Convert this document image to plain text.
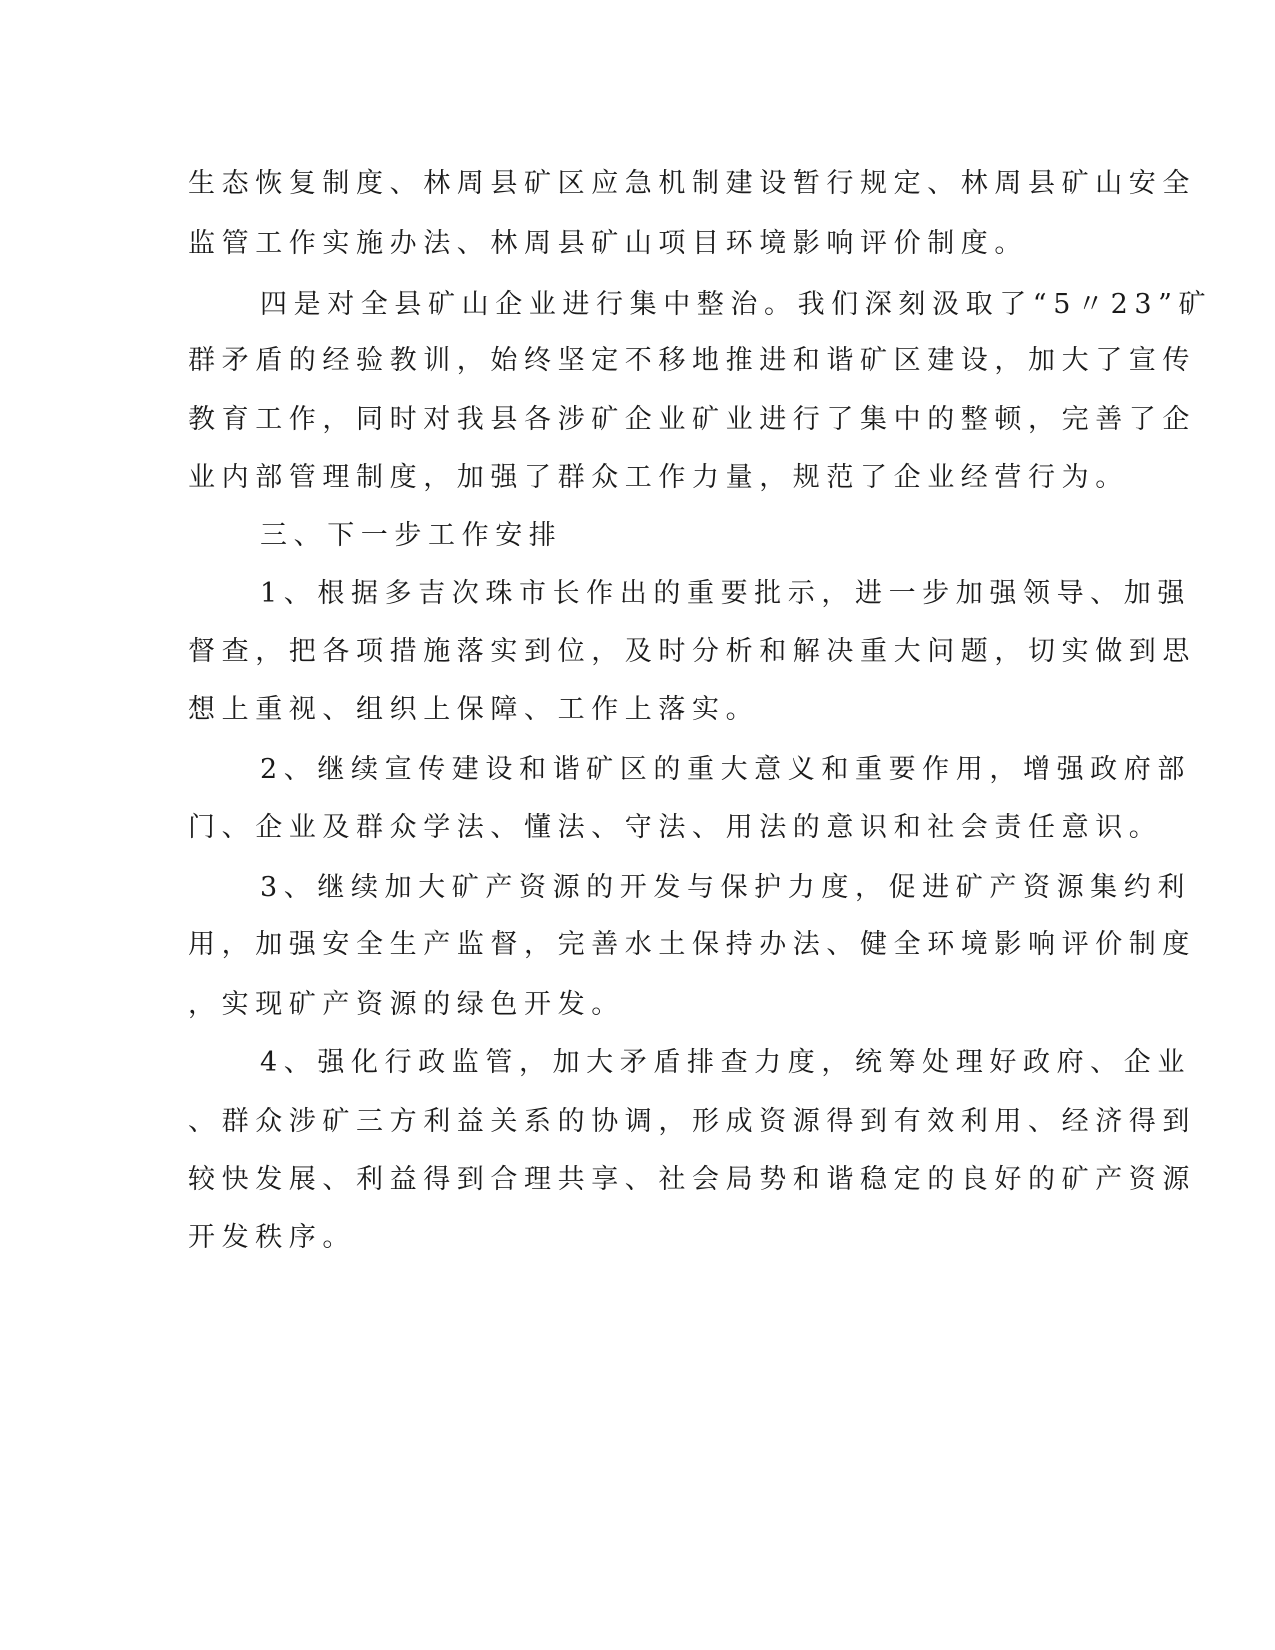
生态恢复制度、林周县矿区应急机制建设暂行规定、林周县矿山安全
监管工作实施办法、林周县矿山项目环境影响评价制度。
四是对全县矿山企业进行集中整治。我们深刻汲取了“5〃23”矿
群矛盾的经验教训，始终坚定不移地推进和谐矿区建设，加大了宣传
教育工作，同时对我县各涉矿企业矿业进行了集中的整顿，完善了企
业内部管理制度，加强了群众工作力量，规范了企业经营行为。
三、下一步工作安排
1、根据多吉次珠市长作出的重要批示，进一步加强领导、加强
督查，把各项措施落实到位，及时分析和解决重大问题，切实做到思
想上重视、组织上保障、工作上落实。
2、继续宣传建设和谐矿区的重大意义和重要作用，增强政府部
门、企业及群众学法、懂法、守法、用法的意识和社会责任意识。
3、继续加大矿产资源的开发与保护力度，促进矿产资源集约利
用，加强安全生产监督，完善水土保持办法、健全环境影响评价制度
，实现矿产资源的绿色开发。
4、强化行政监管，加大矛盾排查力度，统筹处理好政府、企业
、群众涉矿三方利益关系的协调，形成资源得到有效利用、经济得到
较快发展、利益得到合理共享、社会局势和谐稳定的良好的矿产资源
开发秩序。
